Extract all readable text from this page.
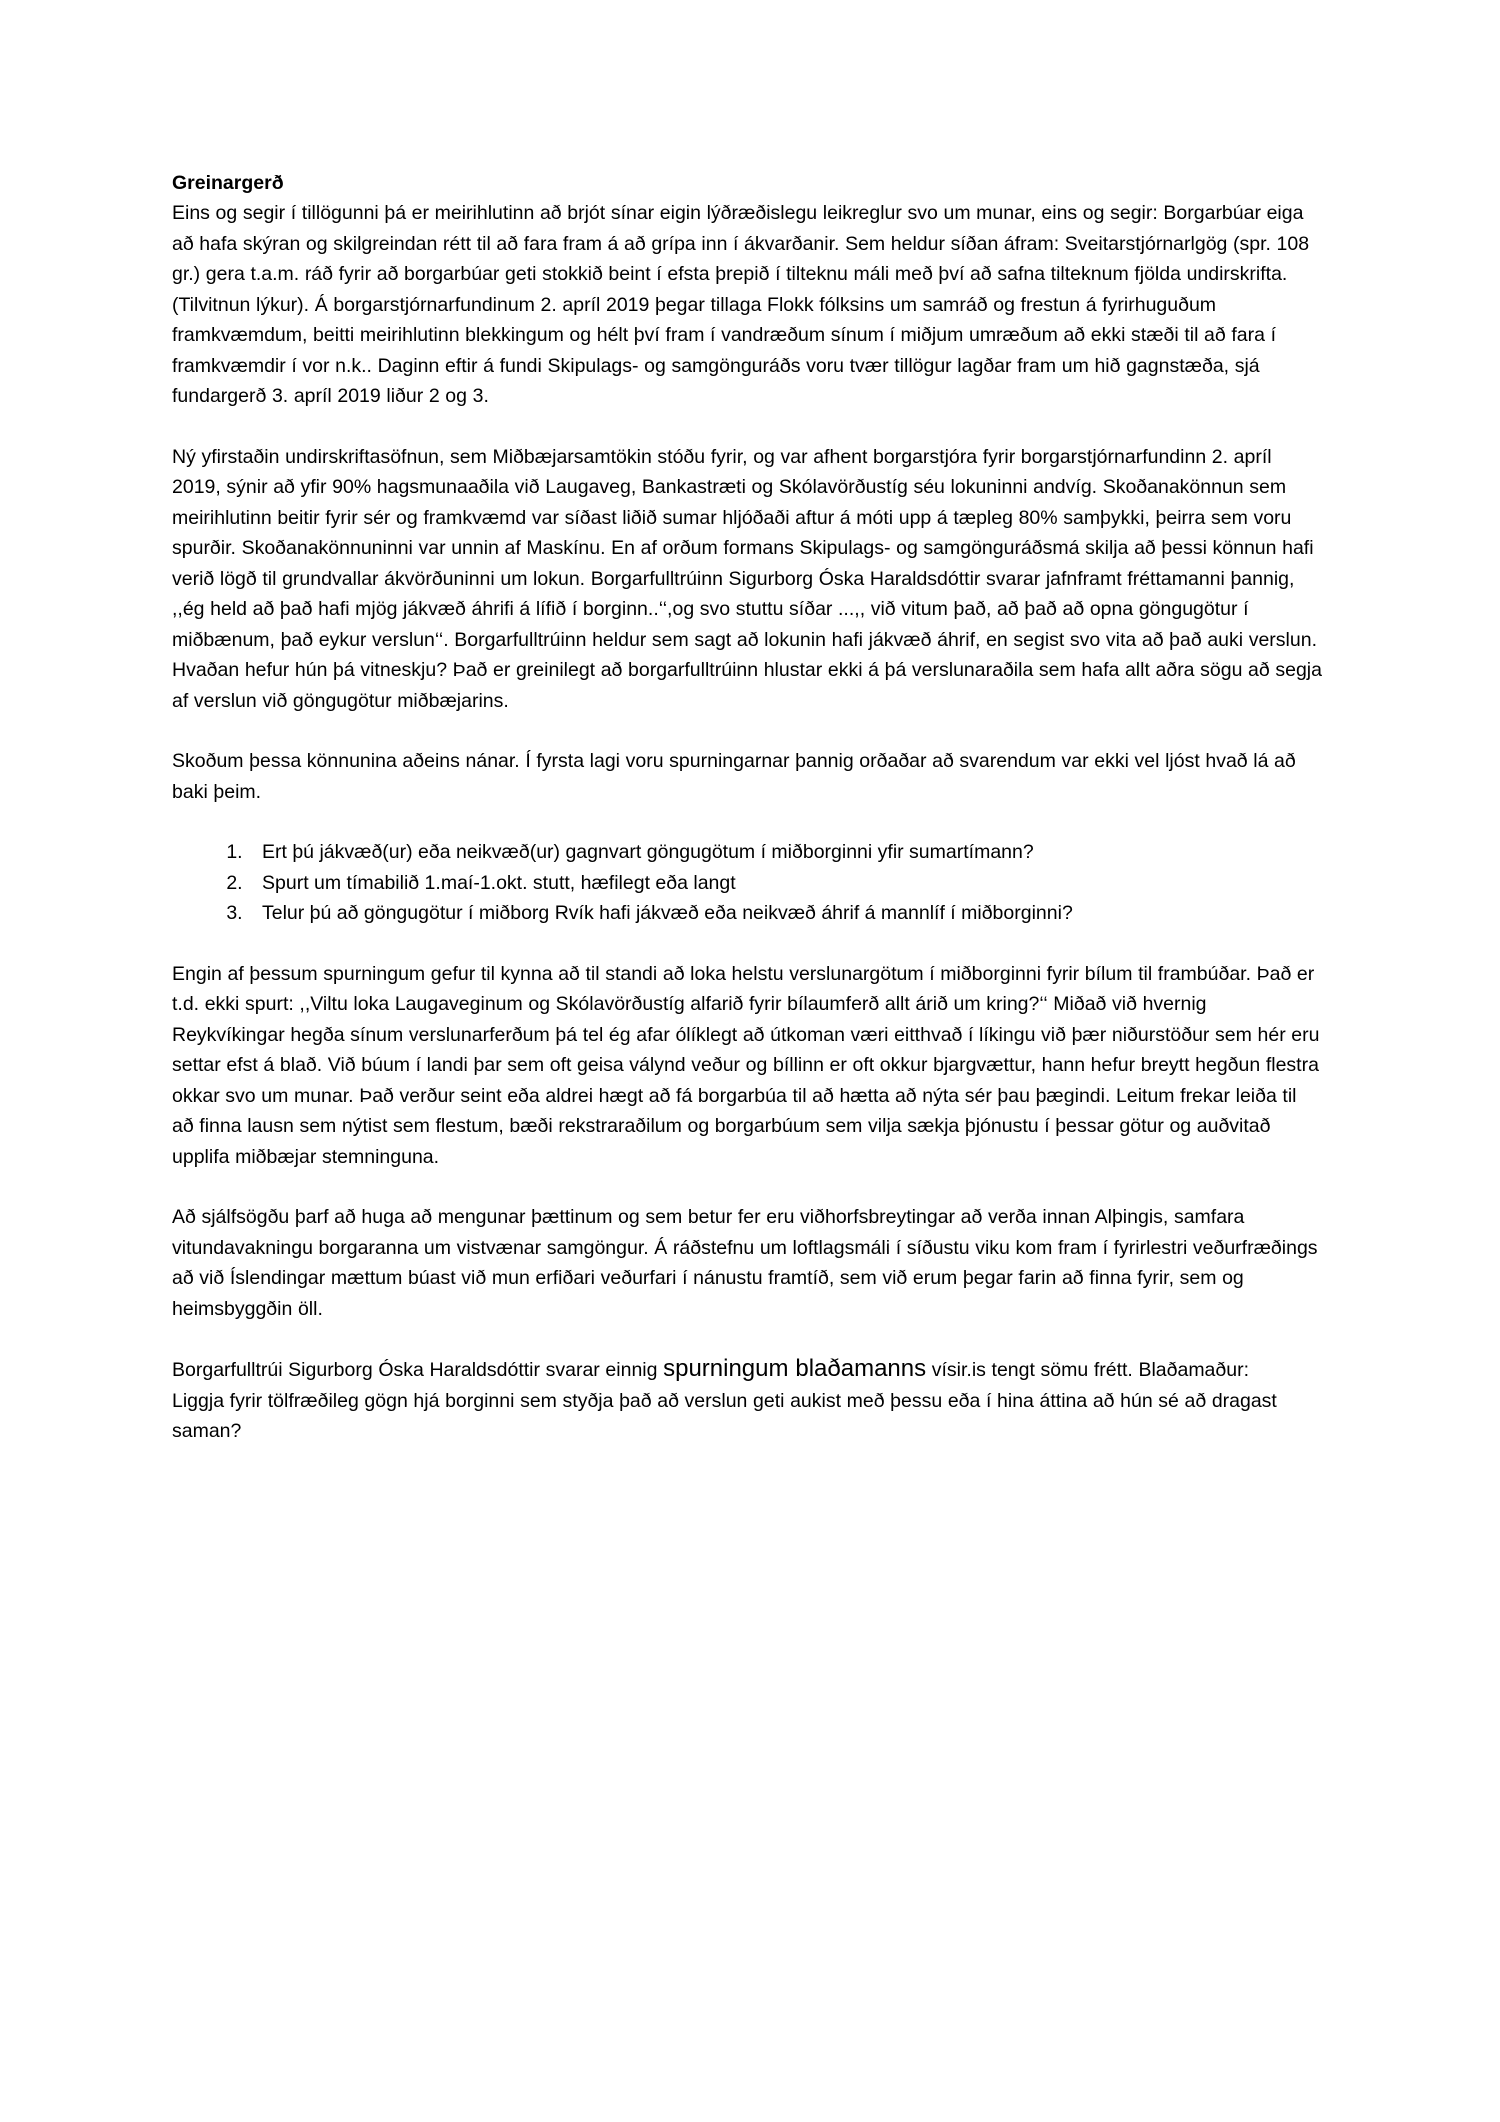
Greinargerð

Eins og segir í tillögunni þá er meirihlutinn að brjót sínar eigin lýðræðislegu leikreglur svo um munar, eins og segir: Borgarbúar eiga að hafa skýran og skilgreindan rétt til að fara fram á að grípa inn í ákvarðanir. Sem heldur síðan áfram: Sveitarstjórnarlgög (spr. 108 gr.) gera t.a.m. ráð fyrir að borgarbúar geti stokkið beint í efsta þrepið í tilteknu máli með því að safna tilteknum fjölda undirskrifta. (Tilvitnun lýkur). Á borgarstjórnarfundinum 2. apríl 2019 þegar tillaga Flokk fólksins um samráð og frestun á fyrirhuguðum framkvæmdum, beitti meirihlutinn blekkingum og hélt því fram í vandræðum sínum í miðjum umræðum að ekki stæði til að fara í framkvæmdir í vor n.k.. Daginn eftir á fundi Skipulags- og samgönguráðs voru tvær tillögur lagðar fram um hið gagnstæða, sjá fundargerð 3. apríl 2019 liður 2 og 3.

Ný yfirstaðin undirskriftasöfnun, sem Miðbæjarsamtökin stóðu fyrir, og var afhent borgarstjóra fyrir borgarstjórnarfundinn 2. apríl 2019, sýnir að yfir 90% hagsmunaaðila við Laugaveg, Bankastræti og Skólavörðustíg séu lokuninni andvíg. Skoðanakönnun sem meirihlutinn beitir fyrir sér og framkvæmd var síðast liðið sumar hljóðaði aftur á móti upp á tæpleg 80% samþykki, þeirra sem voru spurðir. Skoðanakönnuninni var unnin af Maskínu. En af orðum formans Skipulags- og samgönguráðsmá skilja að þessi könnun hafi verið lögð til grundvallar ákvörðuninni um lokun. Borgarfulltrúinn Sigurborg Óska Haraldsdóttir svarar jafnframt fréttamanni þannig, ,,ég held að það hafi mjög jákvæð áhrifi á lífið í borginn..‘‘,og svo stuttu síðar ...,, við vitum það, að það að opna göngugötur í miðbænum, það eykur verslun‘‘. Borgarfulltrúinn heldur sem sagt að lokunin hafi jákvæð áhrif, en segist svo vita að það auki verslun. Hvaðan hefur hún þá vitneskju? Það er greinilegt að borgarfulltrúinn hlustar ekki á þá verslunaraðila sem hafa allt aðra sögu að segja af verslun við göngugötur miðbæjarins.

Skoðum þessa könnunina aðeins nánar. Í fyrsta lagi voru spurningarnar þannig orðaðar að svarendum var ekki vel ljóst hvað lá að baki þeim.

1. Ert þú jákvæð(ur) eða neikvæð(ur) gagnvart göngugötum í miðborginni yfir sumartímann?
2. Spurt um tímabilið 1.maí-1.okt. stutt, hæfilegt eða langt
3. Telur þú að göngugötur í miðborg Rvík hafi jákvæð eða neikvæð áhrif á mannlíf í miðborginni?

Engin af þessum spurningum gefur til kynna að til standi að loka helstu verslunargötum í miðborginni fyrir bílum til frambúðar. Það er t.d. ekki spurt: ,,Viltu loka Laugaveginum og Skólavörðustíg alfarið fyrir bílaumferð allt árið um kring?‘‘ Miðað við hvernig Reykvíkingar hegða sínum verslunarferðum þá tel ég afar ólíklegt að útkoman væri eitthvað í líkingu við þær niðurstöður sem hér eru settar efst á blað. Við búum í landi þar sem oft geisa válynd veður og bíllinn er oft okkur bjargvættur, hann hefur breytt hegðun flestra okkar svo um munar. Það verður seint eða aldrei hægt að fá borgarbúa til að hætta að nýta sér þau þægindi. Leitum frekar leiða til að finna lausn sem nýtist sem flestum, bæði rekstraraðilum og borgarbúum sem vilja sækja þjónustu í þessar götur og auðvitað upplifa miðbæjar stemninguna.

Að sjálfsögðu þarf að huga að mengunar þættinum og sem betur fer eru viðhorfsbreytingar að verða innan Alþingis, samfara vitundavakningu borgaranna um vistvænar samgöngur. Á ráðstefnu um loftlagsmáli í síðustu viku kom fram í fyrirlestri veðurfræðings að við Íslendingar mættum búast við mun erfiðari veðurfari í nánustu framtíð, sem við erum þegar farin að finna fyrir, sem og heimsbyggðin öll.

Borgarfulltrúi Sigurborg Óska Haraldsdóttir svarar einnig spurningum blaðamanns vísir.is tengt sömu frétt. Blaðamaður:

Liggja fyrir tölfræðileg gögn hjá borginni sem styðja það að verslun geti aukist með þessu eða í hina áttina að hún sé að dragast saman?
